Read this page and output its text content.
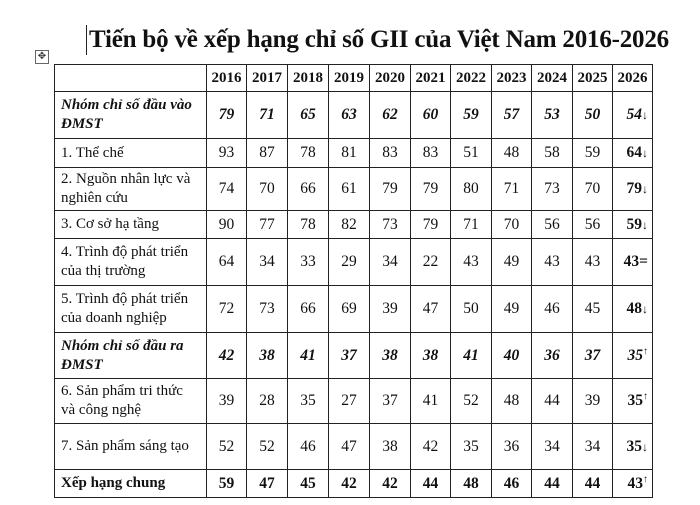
Tiến bộ về xếp hạng chỉ số GII của Việt Nam 2016-2026
✥
	2016	2017	2018	2019	2020	2021	2022	2023	2024	2025	2026
Nhóm chỉ số đầu vào ĐMST	79	71	65	63	62	60	59	57	53	50	54↓
1. Thể chế	93	87	78	81	83	83	51	48	58	59	64↓
2. Nguồn nhân lực và nghiên cứu	74	70	66	61	79	79	80	71	73	70	79↓
3. Cơ sở hạ tầng	90	77	78	82	73	79	71	70	56	56	59↓
4. Trình độ phát triển của thị trường	64	34	33	29	34	22	43	49	43	43	43=
5. Trình độ phát triển của doanh nghiệp	72	73	66	69	39	47	50	49	46	45	48↓
Nhóm chỉ số đầu ra ĐMST	42	38	41	37	38	38	41	40	36	37	35↑
6. Sản phẩm tri thức và công nghệ	39	28	35	27	37	41	52	48	44	39	35↑
7. Sản phẩm sáng tạo	52	52	46	47	38	42	35	36	34	34	35↓
Xếp hạng chung	59	47	45	42	42	44	48	46	44	44	43↑
